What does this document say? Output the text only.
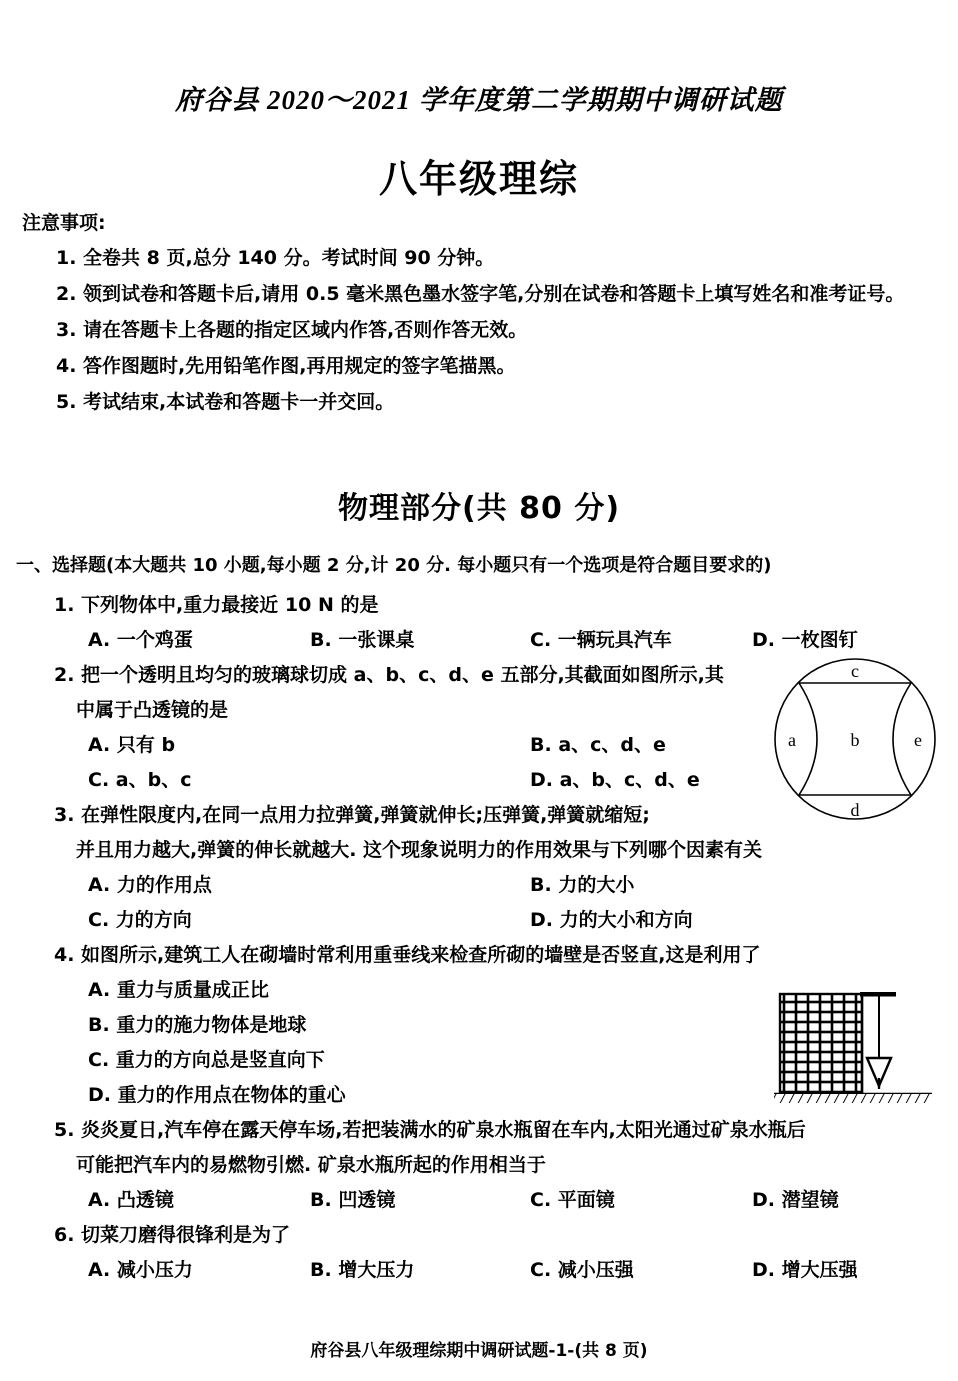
府谷县 2020～2021 学年度第二学期期中调研试题
八年级理综
注意事项:

1. 全卷共 8 页,总分 140 分。考试时间 90 分钟。

2. 领到试卷和答题卡后,请用 0.5 毫米黑色墨水签字笔,分别在试卷和答题卡上填写姓名和准考证号。

3. 请在答题卡上各题的指定区域内作答,否则作答无效。

4. 答作图题时,先用铅笔作图,再用规定的签字笔描黑。

5. 考试结束,本试卷和答题卡一并交回。

物理部分(共 80 分)
一、选择题(本大题共 10 小题,每小题 2 分,计 20 分. 每小题只有一个选项是符合题目要求的)

1. 下列物体中,重力最接近 10 N 的是

A. 一个鸡蛋	B. 一张课桌	C. 一辆玩具汽车	D. 一枚图钉

2. 把一个透明且均匀的玻璃球切成 a、b、c、d、e 五部分,其截面如图所示,其

中属于凸透镜的是

A. 只有 b	B. a、c、d、e
C. a、b、c	D. a、b、c、d、e

3. 在弹性限度内,在同一点用力拉弹簧,弹簧就伸长;压弹簧,弹簧就缩短;

并且用力越大,弹簧的伸长就越大. 这个现象说明力的作用效果与下列哪个因素有关

A. 力的作用点	B. 力的大小
C. 力的方向	D. 力的大小和方向

4. 如图所示,建筑工人在砌墙时常利用重垂线来检查所砌的墙壁是否竖直,这是利用了

A. 重力与质量成正比
B. 重力的施力物体是地球
C. 重力的方向总是竖直向下
D. 重力的作用点在物体的重心

5. 炎炎夏日,汽车停在露天停车场,若把装满水的矿泉水瓶留在车内,太阳光通过矿泉水瓶后

可能把汽车内的易燃物引燃. 矿泉水瓶所起的作用相当于

A. 凸透镜	B. 凹透镜	C. 平面镜	D. 潜望镜

6. 切菜刀磨得很锋利是为了

A. 减小压力	B. 增大压力	C. 减小压强	D. 增大压强
a	b
c
d
e
府谷县八年级理综期中调研试题-1-(共 8 页)
